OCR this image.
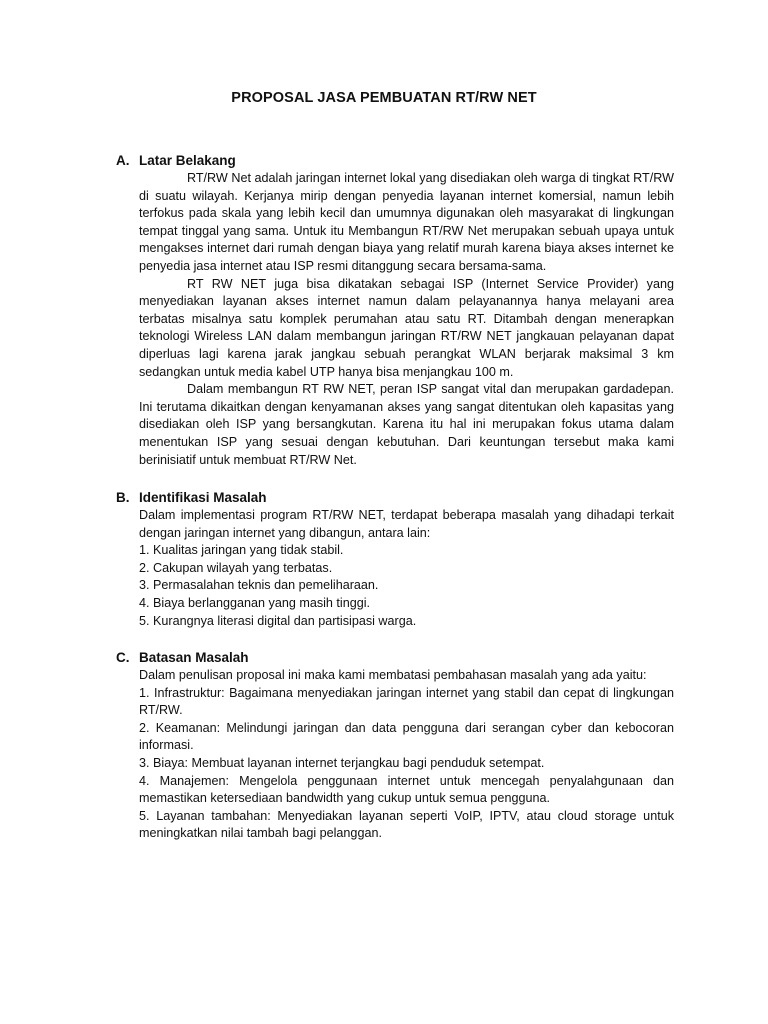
PROPOSAL JASA PEMBUATAN RT/RW NET
A. Latar Belakang

RT/RW Net adalah jaringan internet lokal yang disediakan oleh warga di tingkat RT/RW di suatu wilayah. Kerjanya mirip dengan penyedia layanan internet komersial, namun lebih terfokus pada skala yang lebih kecil dan umumnya digunakan oleh masyarakat di lingkungan tempat tinggal yang sama. Untuk itu Membangun RT/RW Net merupakan sebuah upaya untuk mengakses internet dari rumah dengan biaya yang relatif murah karena biaya akses internet ke penyedia jasa internet atau ISP resmi ditanggung secara bersama-sama.

RT RW NET juga bisa dikatakan sebagai ISP (Internet Service Provider) yang menyediakan layanan akses internet namun dalam pelayanannya hanya melayani area terbatas misalnya satu komplek perumahan atau satu RT. Ditambah dengan menerapkan teknologi Wireless LAN dalam membangun jaringan RT/RW NET jangkauan pelayanan dapat diperluas lagi karena jarak jangkau sebuah perangkat WLAN berjarak maksimal 3 km sedangkan untuk media kabel UTP hanya bisa menjangkau 100 m.

Dalam membangun RT RW NET, peran ISP sangat vital dan merupakan gardadepan. Ini terutama dikaitkan dengan kenyamanan akses yang sangat ditentukan oleh kapasitas yang disediakan oleh ISP yang bersangkutan. Karena itu hal ini merupakan fokus utama dalam menentukan ISP yang sesuai dengan kebutuhan. Dari keuntungan tersebut maka kami berinisiatif untuk membuat RT/RW Net.

B. Identifikasi Masalah

Dalam implementasi program RT/RW NET, terdapat beberapa masalah yang dihadapi terkait dengan jaringan internet yang dibangun, antara lain:

1. Kualitas jaringan yang tidak stabil.

2. Cakupan wilayah yang terbatas.

3. Permasalahan teknis dan pemeliharaan.

4. Biaya berlangganan yang masih tinggi.

5. Kurangnya literasi digital dan partisipasi warga.

C. Batasan Masalah

Dalam penulisan proposal ini maka kami membatasi pembahasan masalah yang ada yaitu:

1. Infrastruktur: Bagaimana menyediakan jaringan internet yang stabil dan cepat di lingkungan RT/RW.

2. Keamanan: Melindungi jaringan dan data pengguna dari serangan cyber dan kebocoran informasi.

3. Biaya: Membuat layanan internet terjangkau bagi penduduk setempat.

4. Manajemen: Mengelola penggunaan internet untuk mencegah penyalahgunaan dan memastikan ketersediaan bandwidth yang cukup untuk semua pengguna.

5. Layanan tambahan: Menyediakan layanan seperti VoIP, IPTV, atau cloud storage untuk meningkatkan nilai tambah bagi pelanggan.
